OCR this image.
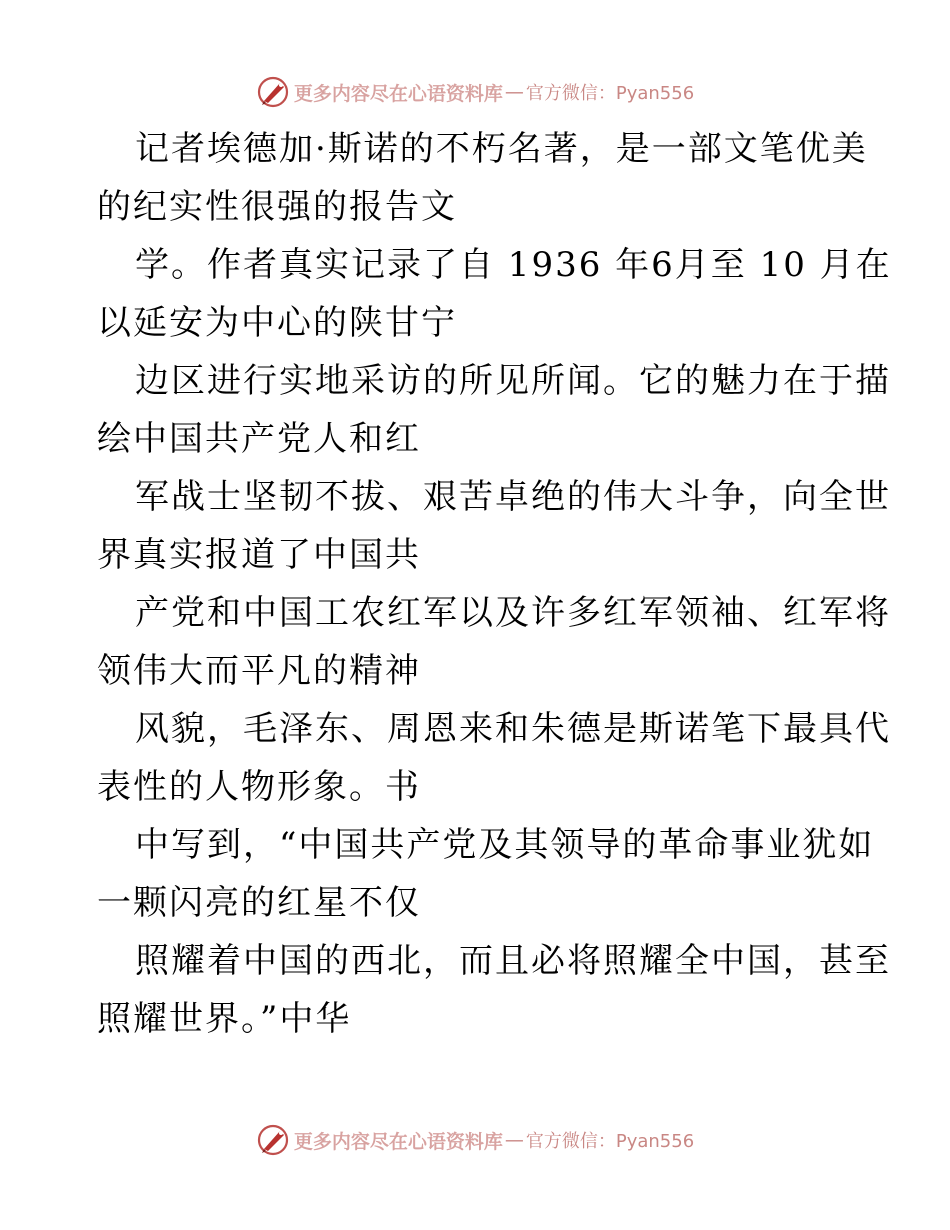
更多内容尽在心语资料库 — 官方微信：Pyan556
记者埃德加·斯诺的不朽名著，是一部文笔优美
的纪实性很强的报告文
学。作者真实记录了自 1936 年6月至 10 月在
以延安为中心的陕甘宁
边区进行实地采访的所见所闻。它的魅力在于描
绘中国共产党人和红
军战士坚韧不拔、艰苦卓绝的伟大斗争，向全世
界真实报道了中国共
产党和中国工农红军以及许多红军领袖、红军将
领伟大而平凡的精神
风貌，毛泽东、周恩来和朱德是斯诺笔下最具代
表性的人物形象。书
中写到，“中国共产党及其领导的革命事业犹如
一颗闪亮的红星不仅
照耀着中国的西北，而且必将照耀全中国，甚至
照耀世界。”中华
更多内容尽在心语资料库 — 官方微信：Pyan556
